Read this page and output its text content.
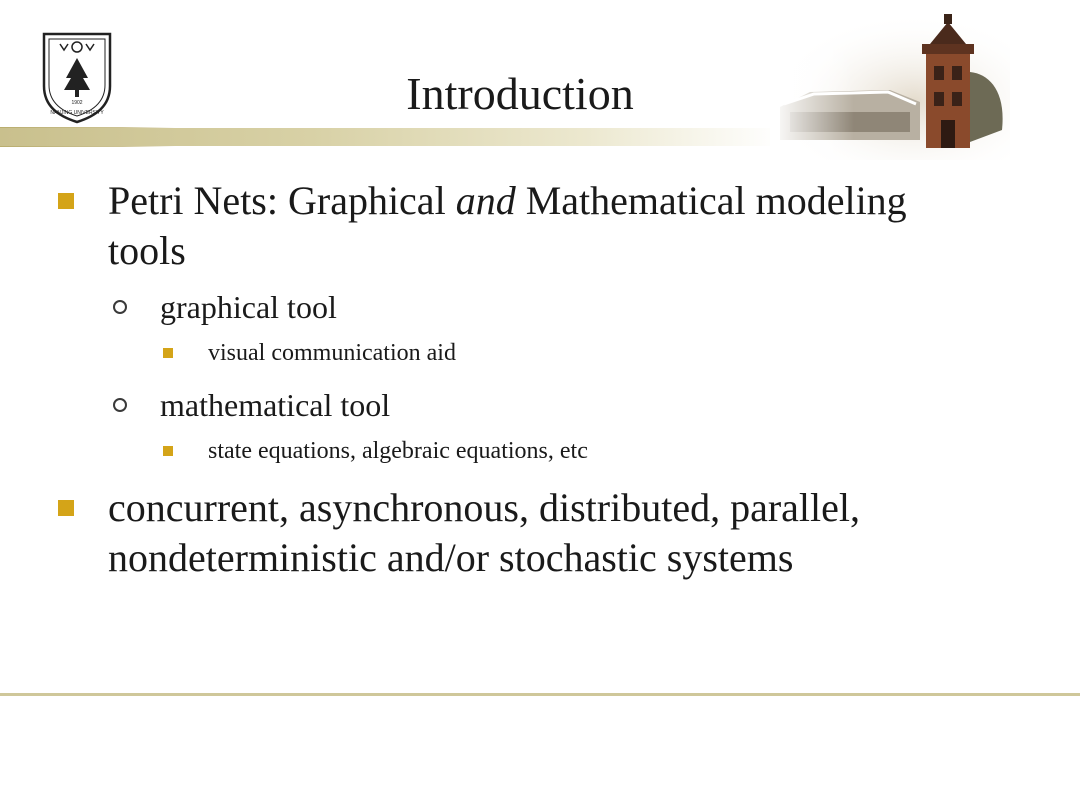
1902
NANJING UNIVERSITY	Introduction
Petri Nets: Graphical and Mathematical modeling
tools
graphical tool
visual communication aid
mathematical tool
state equations, algebraic equations, etc
concurrent, asynchronous, distributed, parallel,
nondeterministic and/or stochastic systems
